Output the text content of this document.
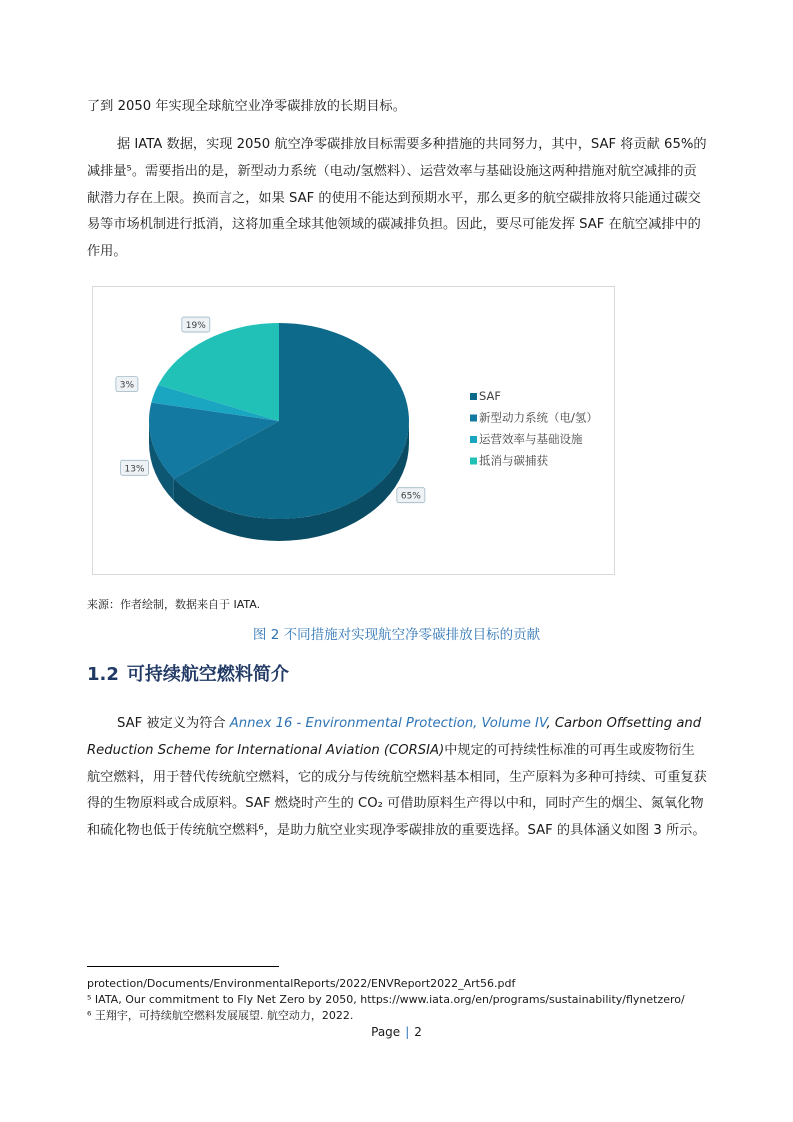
了到 2050 年实现全球航空业净零碳排放的长期目标。

据 IATA 数据，实现 2050 航空净零碳排放目标需要多种措施的共同努力，其中，SAF 将贡献 65%的减排量⁵。需要指出的是，新型动力系统（电动/氢燃料）、运营效率与基础设施这两种措施对航空减排的贡献潜力存在上限。换而言之，如果 SAF 的使用不能达到预期水平，那么更多的航空碳排放将只能通过碳交易等市场机制进行抵消，这将加重全球其他领域的碳减排负担。因此，要尽可能发挥 SAF 在航空减排中的作用。

65%
13%
3%
19%
SAF
新型动力系统（电/氢）
运营效率与基础设施
抵消与碳捕获
来源：作者绘制，数据来自于 IATA.
图 2 不同措施对实现航空净零碳排放目标的贡献
1.2 可持续航空燃料简介

SAF 被定义为符合 Annex 16 - Environmental Protection, Volume IV, Carbon Offsetting and Reduction Scheme for International Aviation (CORSIA)中规定的可持续性标准的可再生或废物衍生航空燃料，用于替代传统航空燃料，它的成分与传统航空燃料基本相同，生产原料为多种可持续、可重复获得的生物原料或合成原料。SAF 燃烧时产生的 CO₂ 可借助原料生产得以中和，同时产生的烟尘、氮氧化物和硫化物也低于传统航空燃料⁶，是助力航空业实现净零碳排放的重要选择。SAF 的具体涵义如图 3 所示。

protection/Documents/EnvironmentalReports/2022/ENVReport2022_Art56.pdf
⁵ IATA, Our commitment to Fly Net Zero by 2050, https://www.iata.org/en/programs/sustainability/flynetzero/
⁶ 王翔宇，可持续航空燃料发展展望. 航空动力，2022.
Page | 2
